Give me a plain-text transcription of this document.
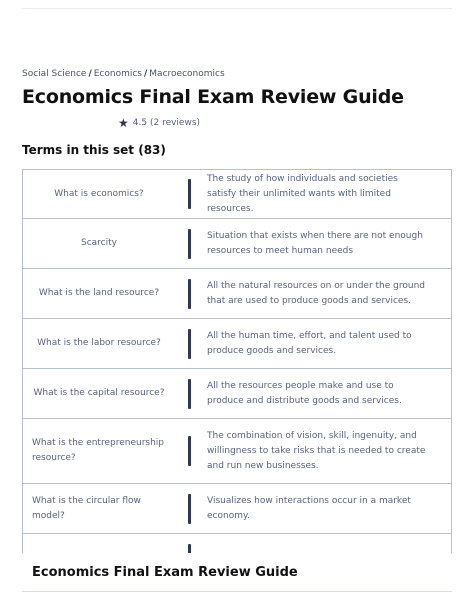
Social Science / Economics / Macroeconomics
Economics Final Exam Review Guide
★ 4.5
(2 reviews)
Terms in this set (83)
What is economics?
The study of how individuals and societies satisfy their unlimited wants with limited resources.
Scarcity
Situation that exists when there are not enough resources to meet human needs
What is the land resource?
All the natural resources on or under the ground that are used to produce goods and services.
What is the labor resource?
All the human time, effort, and talent used to produce goods and services.
What is the capital resource?
All the resources people make and use to produce and distribute goods and services.
What is the entrepreneurship resource?
The combination of vision, skill, ingenuity, and willingness to take risks that is needed to create and run new businesses.
What is the circular flow model?
Visualizes how interactions occur in a market economy.
Economics Final Exam Review Guide
